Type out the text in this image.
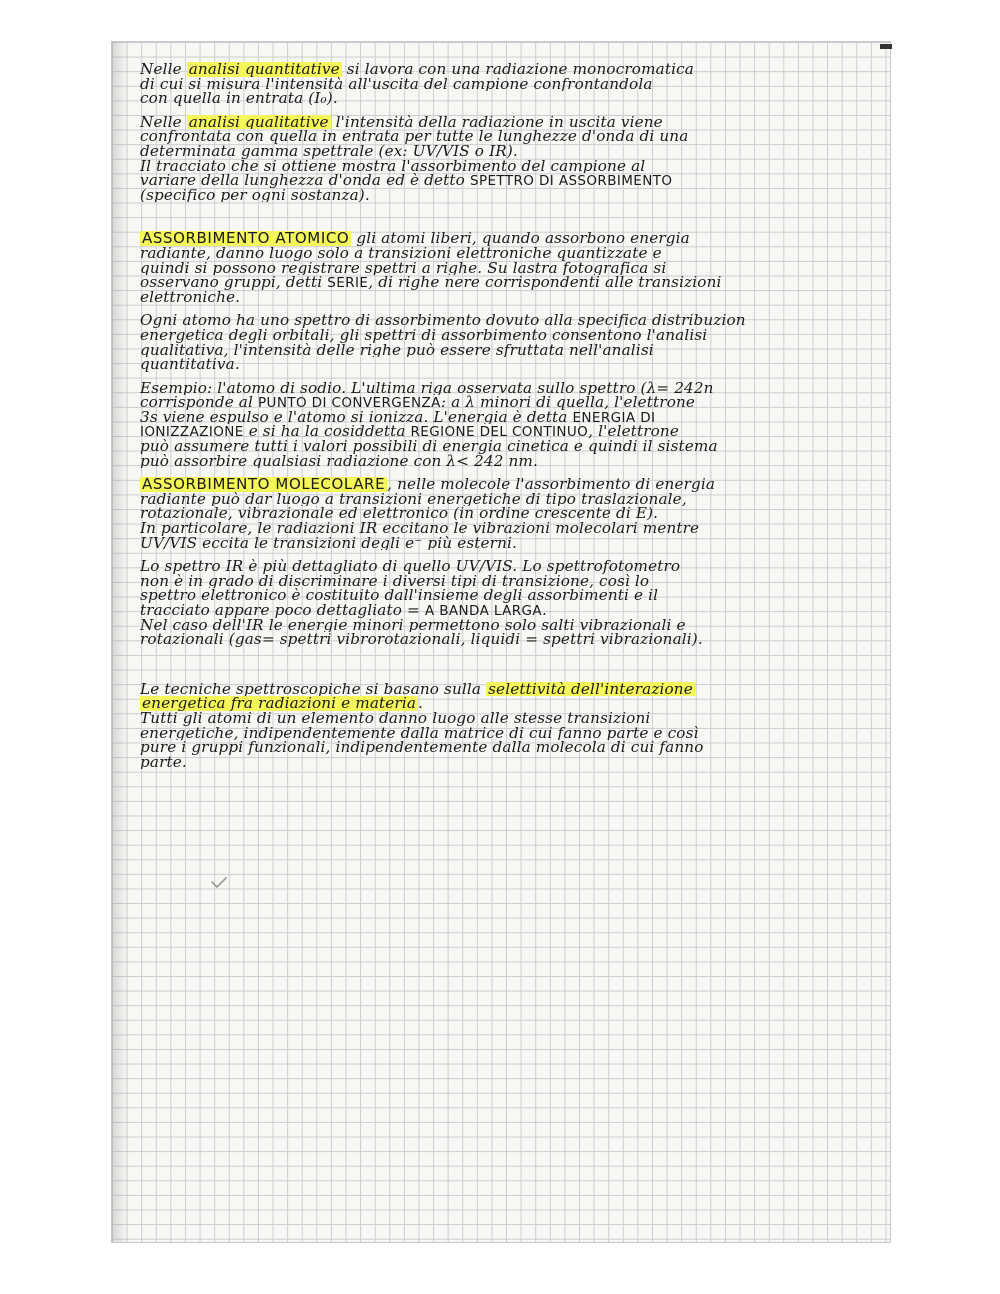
Nelle analisi quantitative si lavora con una radiazione monocromatica
di cui si misura l'intensità all'uscita del campione confrontandola
con quella in entrata (I₀).
Nelle analisi qualitative l'intensità della radiazione in uscita viene
confrontata con quella in entrata per tutte le lunghezze d'onda di una
determinata gamma spettrale (ex: UV/VIS o IR).
Il tracciato che si ottiene mostra l'assorbimento del campione al
variare della lunghezza d'onda ed è detto SPETTRO DI ASSORBIMENTO
(specifico per ogni sostanza).
ASSORBIMENTO ATOMICO gli atomi liberi, quando assorbono energia
radiante, danno luogo solo a transizioni elettroniche quantizzate e
quindi si possono registrare spettri a righe. Su lastra fotografica si
osservano gruppi, detti SERIE, di righe nere corrispondenti alle transizioni
elettroniche.
Ogni atomo ha uno spettro di assorbimento dovuto alla specifica distribuzion
energetica degli orbitali, gli spettri di assorbimento consentono l'analisi
qualitativa, l'intensità delle righe può essere sfruttata nell'analisi
quantitativa.
Esempio: l'atomo di sodio. L'ultima riga osservata sullo spettro (λ= 242n
corrisponde al PUNTO DI CONVERGENZA: a λ minori di quella, l'elettrone
3s viene espulso e l'atomo si ionizza. L'energia è detta ENERGIA DI
IONIZZAZIONE e si ha la cosiddetta REGIONE DEL CONTINUO, l'elettrone
può assumere tutti i valori possibili di energia cinetica e quindi il sistema
può assorbire qualsiasi radiazione con λ< 242 nm.
ASSORBIMENTO MOLECOLARE , nelle molecole l'assorbimento di energia
radiante può dar luogo a transizioni energetiche di tipo traslazionale,
rotazionale, vibrazionale ed elettronico (in ordine crescente di E).
In particolare, le radiazioni IR eccitano le vibrazioni molecolari mentre
UV/VIS eccita le transizioni degli e⁻ più esterni.
Lo spettro IR è più dettagliato di quello UV/VIS. Lo spettrofotometro
non è in grado di discriminare i diversi tipi di transizione, così lo
spettro elettronico è costituito dall'insieme degli assorbimenti e il
tracciato appare poco dettagliato = A BANDA LARGA.
Nel caso dell'IR le energie minori permettono solo salti vibrazionali e
rotazionali (gas= spettri vibrorotazionali, liquidi = spettri vibrazionali).
Le tecniche spettroscopiche si basano sulla selettività dell'interazione
energetica fra radiazioni e materia .
Tutti gli atomi di un elemento danno luogo alle stesse transizioni
energetiche, indipendentemente dalla matrice di cui fanno parte e così
pure i gruppi funzionali, indipendentemente dalla molecola di cui fanno
parte.
